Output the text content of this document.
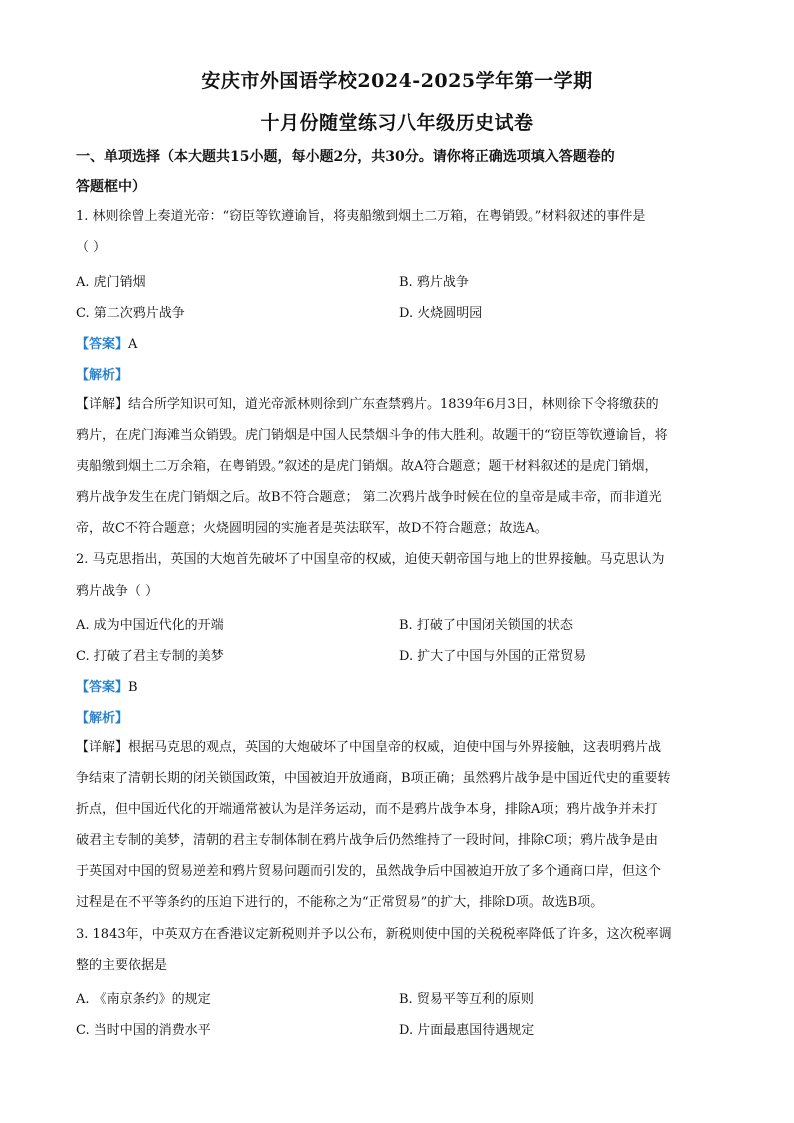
安庆市外国语学校2024-2025学年第一学期
十月份随堂练习八年级历史试卷
一、单项选择（本大题共15小题，每小题2分，共30分。请你将正确选项填入答题卷的
答题框中）
1. 林则徐曾上奏道光帝：“窃臣等钦遵谕旨，将夷船缴到烟土二万箱，在粤销毁。”材料叙述的事件是
（ ）
A. 虎门销烟	B. 鸦片战争
C. 第二次鸦片战争	D. 火烧圆明园
【答案】A
【解析】
【详解】结合所学知识可知，道光帝派林则徐到广东查禁鸦片。1839年6月3日，林则徐下令将缴获的
鸦片，在虎门海滩当众销毁。虎门销烟是中国人民禁烟斗争的伟大胜利。故题干的“窃臣等钦遵谕旨，将
夷船缴到烟土二万余箱，在粤销毁。”叙述的是虎门销烟。故A符合题意；题干材料叙述的是虎门销烟，
鸦片战争发生在虎门销烟之后。故B不符合题意； 第二次鸦片战争时候在位的皇帝是咸丰帝，而非道光
帝，故C不符合题意；火烧圆明园的实施者是英法联军，故D不符合题意；故选A。
2. 马克思指出，英国的大炮首先破坏了中国皇帝的权威，迫使天朝帝国与地上的世界接触。马克思认为
鸦片战争（ ）
A. 成为中国近代化的开端	B. 打破了中国闭关锁国的状态
C. 打破了君主专制的美梦	D. 扩大了中国与外国的正常贸易
【答案】B
【解析】
【详解】根据马克思的观点，英国的大炮破坏了中国皇帝的权威，迫使中国与外界接触，这表明鸦片战
争结束了清朝长期的闭关锁国政策，中国被迫开放通商，B项正确；虽然鸦片战争是中国近代史的重要转
折点，但中国近代化的开端通常被认为是洋务运动，而不是鸦片战争本身，排除A项；鸦片战争并未打
破君主专制的美梦，清朝的君主专制体制在鸦片战争后仍然维持了一段时间，排除C项；鸦片战争是由
于英国对中国的贸易逆差和鸦片贸易问题而引发的，虽然战争后中国被迫开放了多个通商口岸，但这个
过程是在不平等条约的压迫下进行的，不能称之为“正常贸易”的扩大，排除D项。故选B项。
3. 1843年，中英双方在香港议定新税则并予以公布，新税则使中国的关税税率降低了许多，这次税率调
整的主要依据是
A. 《南京条约》的规定	B. 贸易平等互利的原则
C. 当时中国的消费水平	D. 片面最惠国待遇规定
